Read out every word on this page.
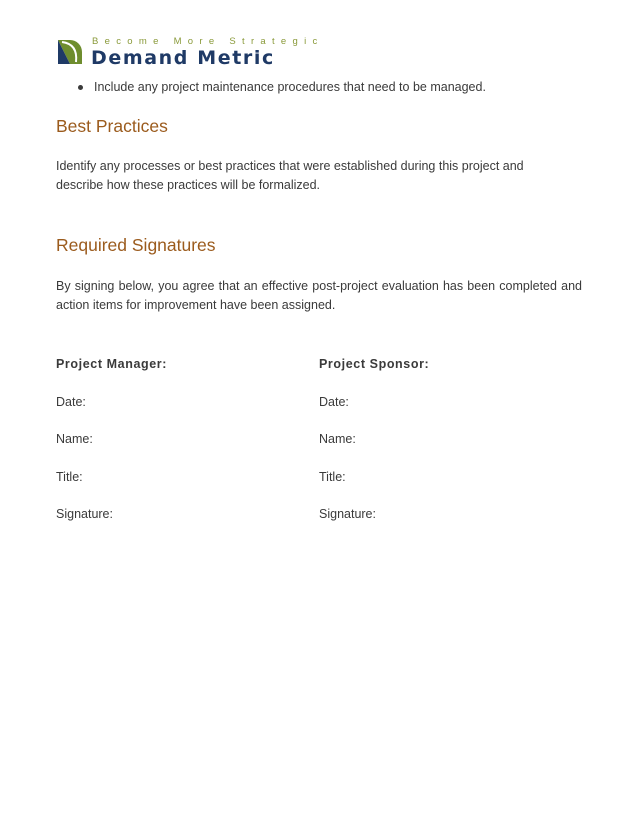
Become More Strategic
Demand Metric
Include any project maintenance procedures that need to be managed.
Best Practices

Identify any processes or best practices that were established during this project and describe how these practices will be formalized.

Required Signatures

By signing below, you agree that an effective post-project evaluation has been completed and action items for improvement have been assigned.

Project Manager:

Date:

Name:

Title:

Signature:

Project Sponsor:

Date:

Name:

Title:

Signature:
